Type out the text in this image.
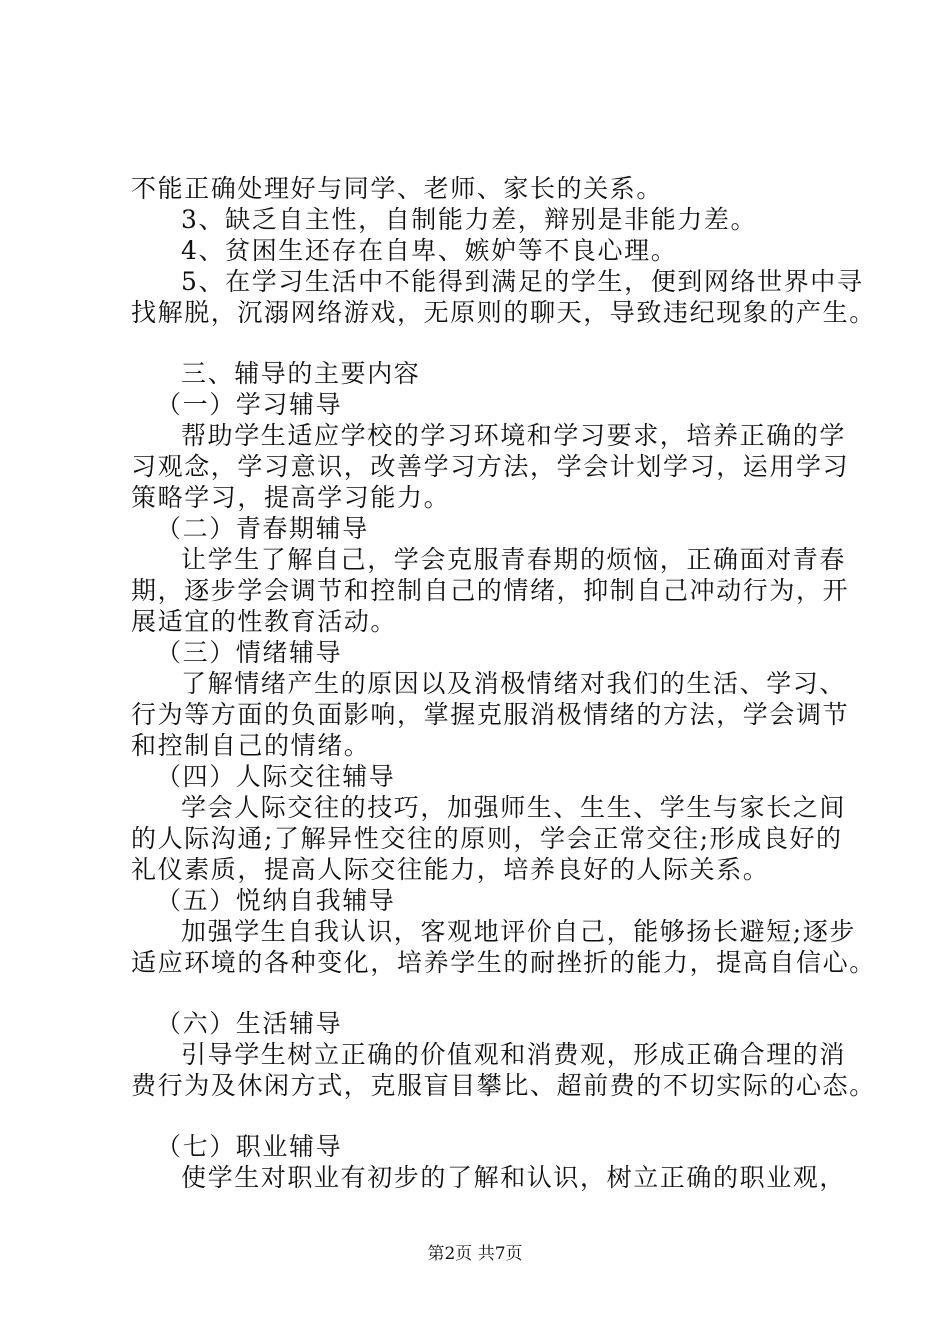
不能正确处理好与同学、老师、家长的关系。
3、缺乏自主性，自制能力差，辩别是非能力差。
4、贫困生还存在自卑、嫉妒等不良心理。
5、在学习生活中不能得到满足的学生，便到网络世界中寻
找解脱，沉溺网络游戏，无原则的聊天，导致违纪现象的产生。
三、辅导的主要内容
（一）学习辅导
帮助学生适应学校的学习环境和学习要求，培养正确的学
习观念，学习意识，改善学习方法，学会计划学习，运用学习
策略学习，提高学习能力。
（二）青春期辅导
让学生了解自己，学会克服青春期的烦恼，正确面对青春
期，逐步学会调节和控制自己的情绪，抑制自己冲动行为，开
展适宜的性教育活动。
（三）情绪辅导
了解情绪产生的原因以及消极情绪对我们的生活、学习、
行为等方面的负面影响，掌握克服消极情绪的方法，学会调节
和控制自己的情绪。
（四）人际交往辅导
学会人际交往的技巧，加强师生、生生、学生与家长之间
的人际沟通;了解异性交往的原则，学会正常交往;形成良好的
礼仪素质，提高人际交往能力，培养良好的人际关系。
（五）悦纳自我辅导
加强学生自我认识，客观地评价自己，能够扬长避短;逐步
适应环境的各种变化，培养学生的耐挫折的能力，提高自信心。
（六）生活辅导
引导学生树立正确的价值观和消费观，形成正确合理的消
费行为及休闲方式，克服盲目攀比、超前费的不切实际的心态。
（七）职业辅导
使学生对职业有初步的了解和认识，树立正确的职业观，
第2页 共7页
